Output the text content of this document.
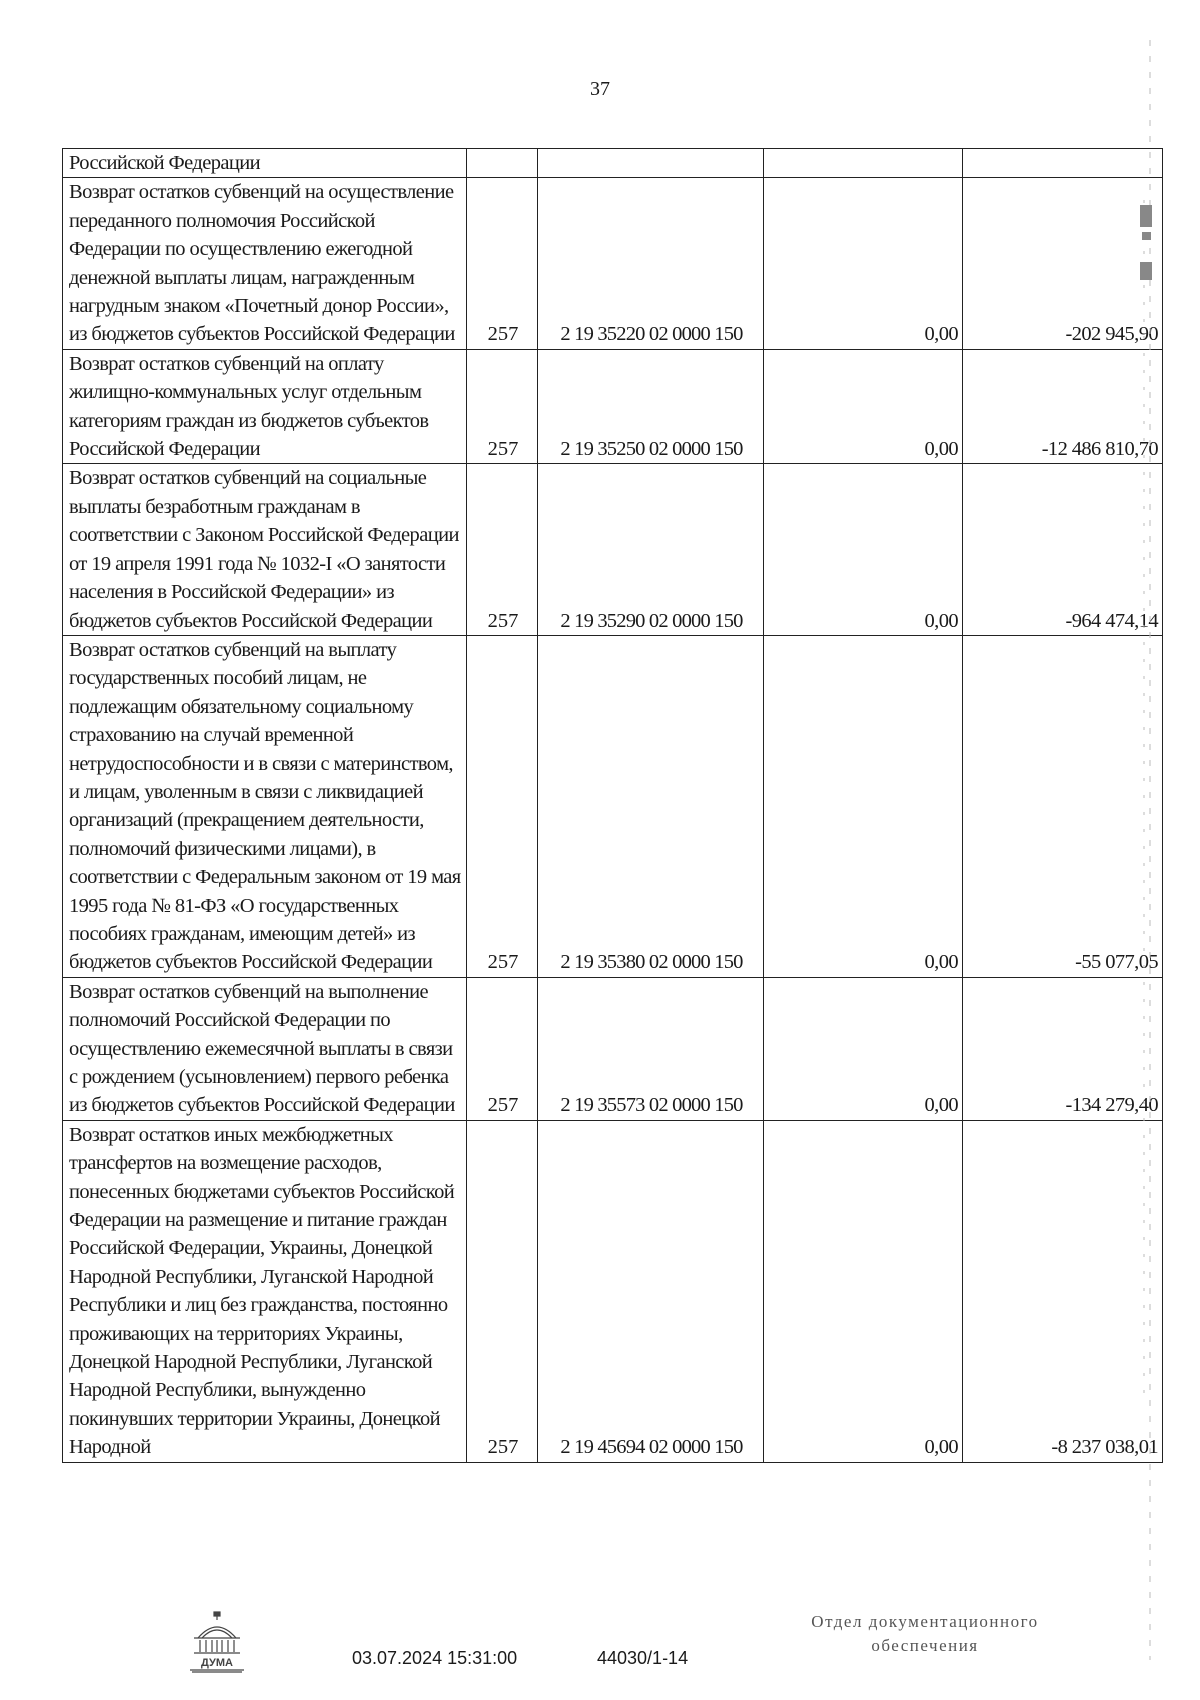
37
Российской Федерации				
Возврат остатков субвенций на осуществление переданного полномочия Российской Федерации по осуществлению ежегодной денежной выплаты лицам, награжденным нагрудным знаком «Почетный донор России», из бюджетов субъектов Российской Федерации	257	2 19 35220 02 0000 150	0,00	-202 945,90
Возврат остатков субвенций на оплату жилищно-коммунальных услуг отдельным категориям граждан из бюджетов субъектов Российской Федерации	257	2 19 35250 02 0000 150	0,00	-12 486 810,70
Возврат остатков субвенций на социальные выплаты безработным гражданам в соответствии с Законом Российской Федерации от 19 апреля 1991 года № 1032-I «О занятости населения в Российской Федерации» из бюджетов субъектов Российской Федерации	257	2 19 35290 02 0000 150	0,00	-964 474,14
Возврат остатков субвенций на выплату государственных пособий лицам, не подлежащим обязательному социальному страхованию на случай временной нетрудоспособности и в связи с материнством, и лицам, уволенным в связи с ликвидацией организаций (прекращением деятельности, полномочий физическими лицами), в соответствии с Федеральным законом от 19 мая 1995 года № 81-ФЗ «О государственных пособиях гражданам, имеющим детей» из бюджетов субъектов Российской Федерации	257	2 19 35380 02 0000 150	0,00	-55 077,05
Возврат остатков субвенций на выполнение полномочий Российской Федерации по осуществлению ежемесячной выплаты в связи с рождением (усыновлением) первого ребенка из бюджетов субъектов Российской Федерации	257	2 19 35573 02 0000 150	0,00	-134 279,40
Возврат остатков иных межбюджетных трансфертов на возмещение расходов, понесенных бюджетами субъектов Российской Федерации на размещение и питание граждан Российской Федерации, Украины, Донецкой Народной Республики, Луганской Народной Республики и лиц без гражданства, постоянно проживающих на территориях Украины, Донецкой Народной Республики, Луганской Народной Республики, вынужденно покинувших территории Украины, Донецкой Народной	257	2 19 45694 02 0000 150	0,00	-8 237 038,01
ДУМА	03.07.2024 15:31:00	44030/1-14
Отдел документационного
обеспечения
